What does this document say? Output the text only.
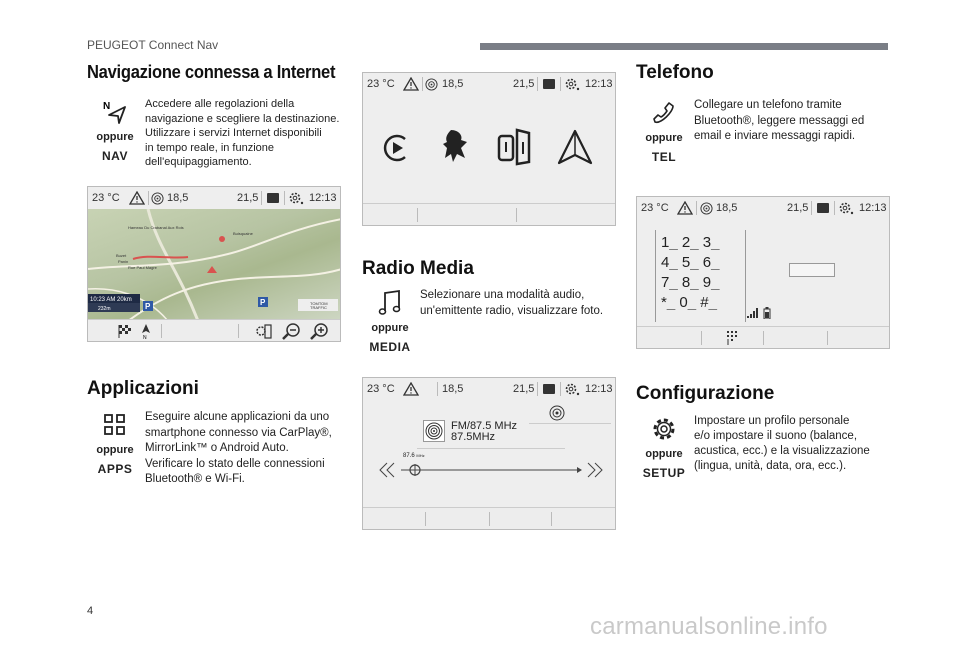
PEUGEOT Connect Nav
Navigazione connessa a Internet
N
oppure
NAV
Accedere alle regolazioni della
navigazione e scegliere la destinazione.
Utilizzare i servizi Internet disponibili
in tempo reale, in funzione
dell'equipaggiamento.
23 °C	18,5	21,5	12:13
Hameau Du Crabanal Aux Rois
Buisquaine
Rue Paul Magre
Buzet
Panin
10:23 AM 20km
232m	P	P	TOMTOM
TRAFFIC
N
Applicazioni
oppure
APPS
Eseguire alcune applicazioni da uno
smartphone connesso via CarPlay®,
MirrorLink™ o Android Auto.
Verificare lo stato delle connessioni
Bluetooth® e Wi-Fi.
23 °C	18,5	21,5	12:13
Radio Media
oppure
MEDIA
Selezionare una modalità audio,
un'emittente radio, visualizzare foto.
23 °C	18,5	21,5	12:13
FM/87.5 MHz
87.5MHz
87.6 MHz
Telefono
oppure
TEL
Collegare un telefono tramite
Bluetooth®, leggere messaggi ed
email e inviare messaggi rapidi.
23 °C	18,5	21,5	12:13
1_ 2_ 3_
4_ 5_ 6_
7_ 8_ 9_
*_ 0_ #_
Configurazione
oppure
SETUP
Impostare un profilo personale
e/o impostare il suono (balance,
acustica, ecc.) e la visualizzazione
(lingua, unità, data, ora, ecc.).
4
carmanualsonline.info
